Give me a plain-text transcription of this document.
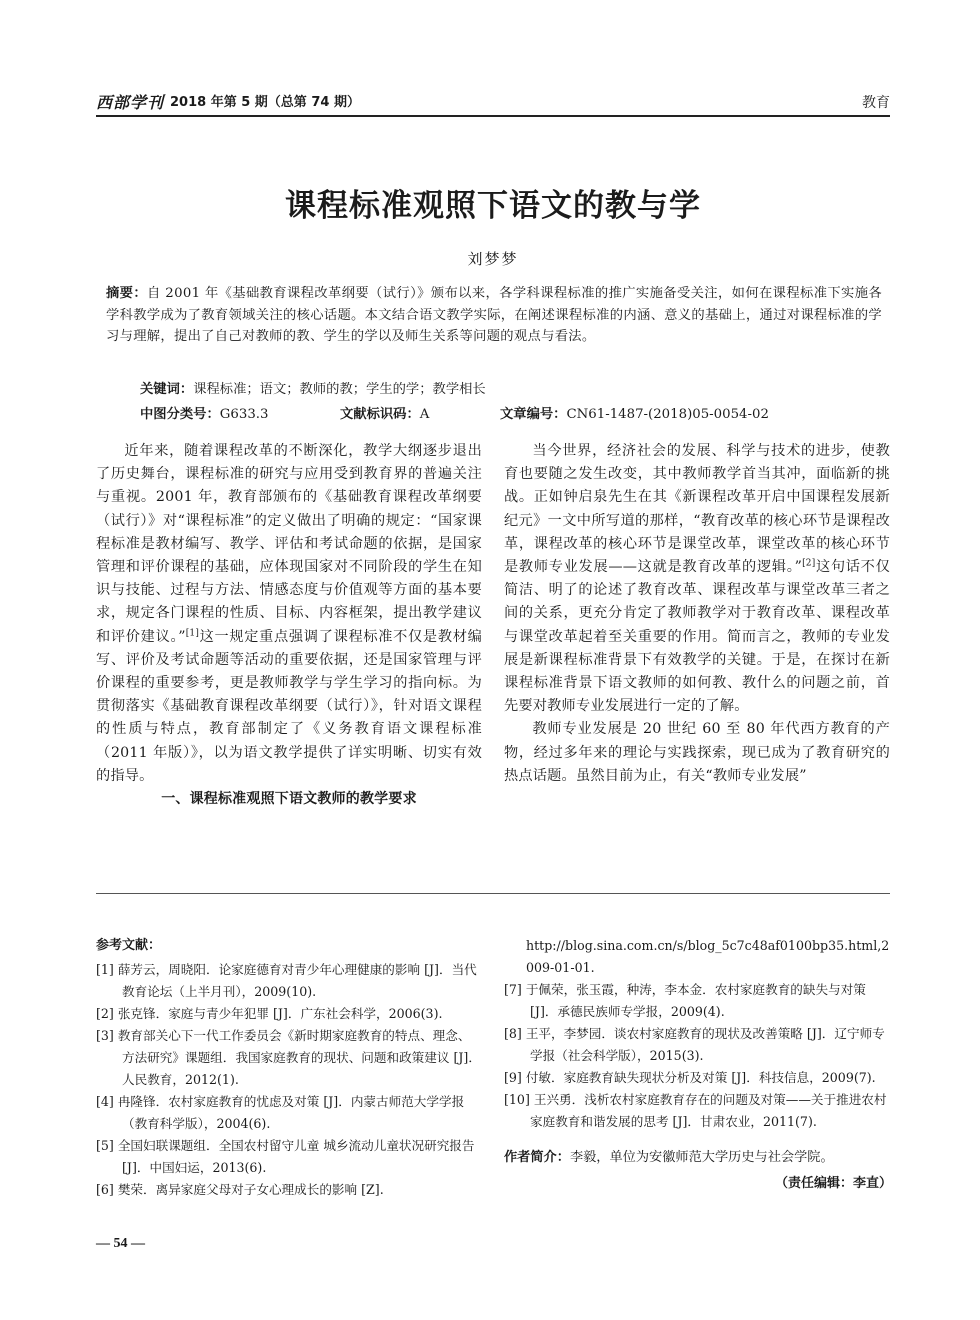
西部学刊 2018 年第 5 期（总第 74 期）	教育
课程标准观照下语文的教与学
刘梦梦
摘要：自 2001 年《基础教育课程改革纲要（试行）》颁布以来，各学科课程标准的推广实施备受关注，如何在课程标准下实施各学科教学成为了教育领域关注的核心话题。本文结合语文教学实际，在阐述课程标准的内涵、意义的基础上，通过对课程标准的学习与理解，提出了自己对教师的教、学生的学以及师生关系等问题的观点与看法。
关键词：课程标准；语文；教师的教；学生的学；教学相长
中图分类号：G633.3	文献标识码：A	文章编号：CN61-1487-(2018)05-0054-02

近年来，随着课程改革的不断深化，教学大纲逐步退出了历史舞台，课程标准的研究与应用受到教育界的普遍关注与重视。2001 年，教育部颁布的《基础教育课程改革纲要（试行）》对“课程标准”的定义做出了明确的规定：“国家课程标准是教材编写、教学、评估和考试命题的依据，是国家管理和评价课程的基础，应体现国家对不同阶段的学生在知识与技能、过程与方法、情感态度与价值观等方面的基本要求，规定各门课程的性质、目标、内容框架，提出教学建议和评价建议。”[1]这一规定重点强调了课程标准不仅是教材编写、评价及考试命题等活动的重要依据，还是国家管理与评价课程的重要参考，更是教师教学与学生学习的指向标。为贯彻落实《基础教育课程改革纲要（试行）》，针对语文课程的性质与特点，教育部制定了《义务教育语文课程标准（2011 年版）》，以为语文教学提供了详实明晰、切实有效的指导。

一、课程标准观照下语文教师的教学要求

当今世界，经济社会的发展、科学与技术的进步，使教育也要随之发生改变，其中教师教学首当其冲，面临新的挑战。正如钟启泉先生在其《新课程改革开启中国课程发展新纪元》一文中所写道的那样，“教育改革的核心环节是课程改革，课程改革的核心环节是课堂改革，课堂改革的核心环节是教师专业发展——这就是教育改革的逻辑。”[2]这句话不仅简洁、明了的论述了教育改革、课程改革与课堂改革三者之间的关系，更充分肯定了教师教学对于教育改革、课程改革与课堂改革起着至关重要的作用。简而言之，教师的专业发展是新课程标准背景下有效教学的关键。于是，在探讨在新课程标准背景下语文教师的如何教、教什么的问题之前，首先要对教师专业发展进行一定的了解。

教师专业发展是 20 世纪 60 至 80 年代西方教育的产物，经过多年来的理论与实践探索，现已成为了教育研究的热点话题。虽然目前为止，有关“教师专业发展”

参考文献：

[1] 薛芳云，周晓阳．论家庭德育对青少年心理健康的影响 [J]．当代教育论坛（上半月刊），2009(10).

[2] 张克锋．家庭与青少年犯罪 [J]．广东社会科学，2006(3).

[3] 教育部关心下一代工作委员会《新时期家庭教育的特点、理念、方法研究》课题组．我国家庭教育的现状、问题和政策建议 [J]．人民教育，2012(1).

[4] 冉隆锋．农村家庭教育的忧虑及对策 [J]．内蒙古师范大学学报（教育科学版），2004(6).

[5] 全国妇联课题组．全国农村留守儿童 城乡流动儿童状况研究报告 [J]．中国妇运，2013(6).

[6] 樊荣．离异家庭父母对子女心理成长的影响 [Z].

http://blog.sina.com.cn/s/blog_5c7c48af0100bp35.html,2009-01-01.

[7] 于佩荣，张玉霞，种涛，李本金．农村家庭教育的缺失与对策 [J]．承德民族师专学报，2009(4).

[8] 王平，李梦园．谈农村家庭教育的现状及改善策略 [J]．辽宁师专学报（社会科学版），2015(3).

[9] 付敏．家庭教育缺失现状分析及对策 [J]．科技信息，2009(7).

[10] 王兴勇．浅析农村家庭教育存在的问题及对策——关于推进农村家庭教育和谐发展的思考 [J]．甘肃农业，2011(7).

作者简介：李毅，单位为安徽师范大学历史与社会学院。
（责任编辑：李直）
— 54 —
